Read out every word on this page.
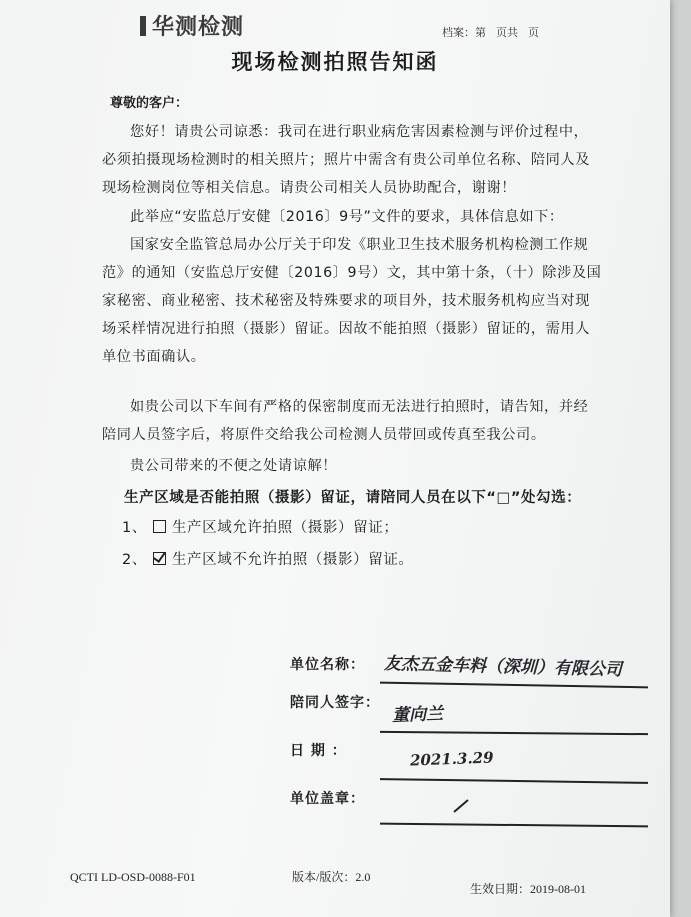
华测检测	档案：第 页共 页
现场检测拍照告知函
尊敬的客户：
您好！请贵公司谅悉：我司在进行职业病危害因素检测与评价过程中，
必须拍摄现场检测时的相关照片；照片中需含有贵公司单位名称、陪同人及
现场检测岗位等相关信息。请贵公司相关人员协助配合，谢谢！
此举应“安监总厅安健〔2016〕9号”文件的要求，具体信息如下：
国家安全监管总局办公厅关于印发《职业卫生技术服务机构检测工作规
范》的通知（安监总厅安健〔2016〕9号）文，其中第十条，（十）除涉及国
家秘密、商业秘密、技术秘密及特殊要求的项目外，技术服务机构应当对现
场采样情况进行拍照（摄影）留证。因故不能拍照（摄影）留证的，需用人
单位书面确认。
如贵公司以下车间有严格的保密制度而无法进行拍照时，请告知，并经
陪同人员签字后，将原件交给我公司检测人员带回或传真至我公司。
贵公司带来的不便之处请谅解！
生产区域是否能拍照（摄影）留证，请陪同人员在以下“□”处勾选：
1、 生产区域允许拍照（摄影）留证；
2、 生产区域不允许拍照（摄影）留证。
单位名称： 友杰五金车料（深圳）有限公司
陪同人签字：
董向兰
日 期 ：	2021.3.29
单位盖章：
QCTI LD-OSD-0088-F01	版本/版次：2.0
生效日期：2019-08-01
